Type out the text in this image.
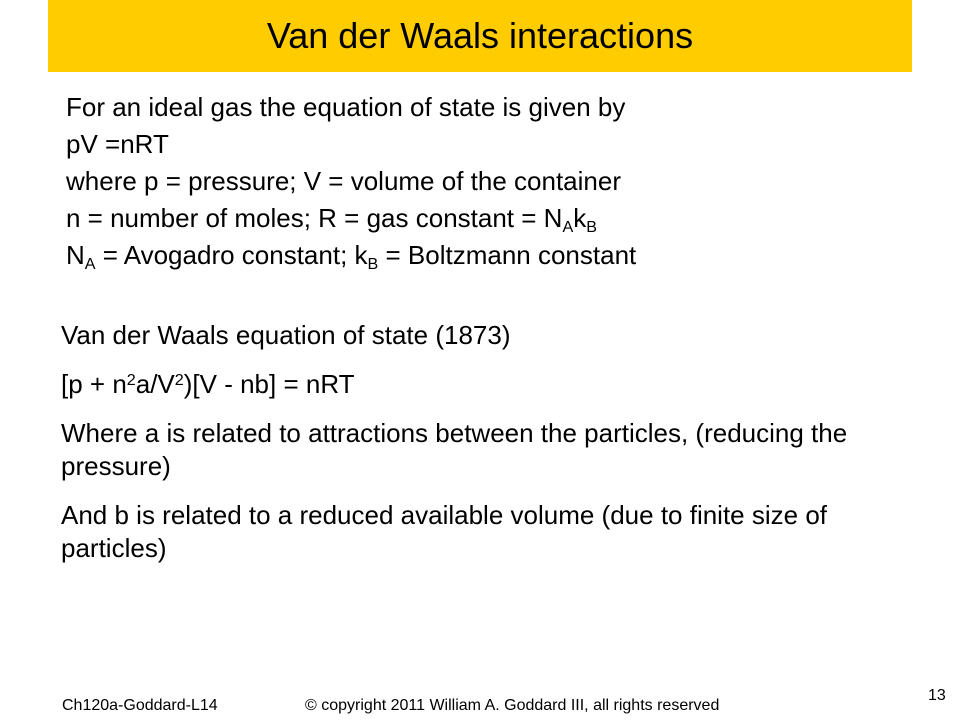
Van der Waals interactions
For an ideal gas the equation of state is given by
pV =nRT
where p = pressure; V = volume of the container
n = number of moles; R = gas constant = $N_Ak_B$
$N_A$ = Avogadro constant; $k_B$ = Boltzmann constant
Van der Waals equation of state (1873)
$[p + n^2a/V^2)[V - nb]$ = nRT
Where a is related to attractions between the particles, (reducing the pressure)
And b is related to a reduced available volume (due to finite size of particles)
Ch120a-Goddard-L14	© copyright 2011 William A. Goddard III, all rights reserved
13
